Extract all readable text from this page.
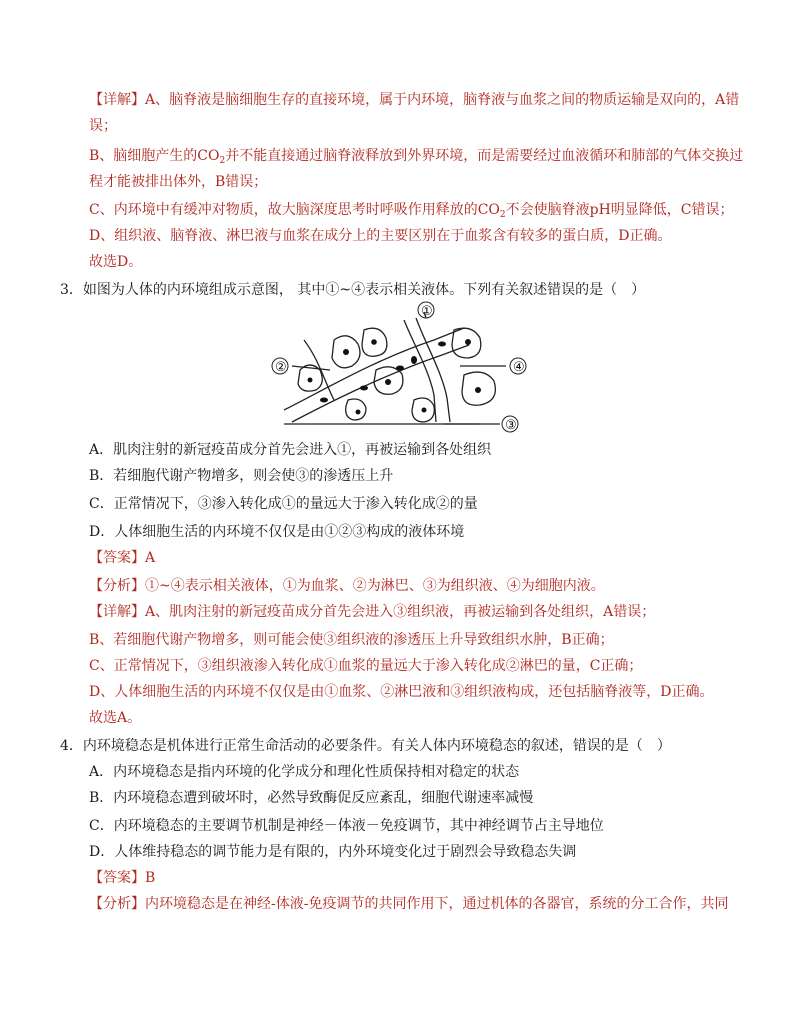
【详解】A、脑脊液是脑细胞生存的直接环境，属于内环境，脑脊液与血浆之间的物质运输是双向的，A错
误；
B、脑细胞产生的$CO_2$并不能直接通过脑脊液释放到外界环境，而是需要经过血液循环和肺部的气体交换过
程才能被排出体外，B错误；
C、内环境中有缓冲对物质，故大脑深度思考时呼吸作用释放的$CO_2$不会使脑脊液pH明显降低，C错误；
D、组织液、脑脊液、淋巴液与血浆在成分上的主要区别在于血浆含有较多的蛋白质，D正确。
故选D。
3．如图为人体的内环境组成示意图， 其中①~④表示相关液体。下列有关叙述错误的是（　）
①
②
③
④
A．肌肉注射的新冠疫苗成分首先会进入①，再被运输到各处组织
B．若细胞代谢产物增多，则会使③的渗透压上升
C．正常情况下，③渗入转化成①的量远大于渗入转化成②的量
D．人体细胞生活的内环境不仅仅是由①②③构成的液体环境
【答案】A
【分析】①~④表示相关液体，①为血浆、②为淋巴、③为组织液、④为细胞内液。
【详解】A、肌肉注射的新冠疫苗成分首先会进入③组织液，再被运输到各处组织，A错误；
B、若细胞代谢产物增多，则可能会使③组织液的渗透压上升导致组织水肿，B正确；
C、正常情况下，③组织液渗入转化成①血浆的量远大于渗入转化成②淋巴的量，C正确；
D、人体细胞生活的内环境不仅仅是由①血浆、②淋巴液和③组织液构成，还包括脑脊液等，D正确。
故选A。
4．内环境稳态是机体进行正常生命活动的必要条件。有关人体内环境稳态的叙述，错误的是（　）
A．内环境稳态是指内环境的化学成分和理化性质保持相对稳定的状态
B．内环境稳态遭到破坏时，必然导致酶促反应紊乱，细胞代谢速率减慢
C．内环境稳态的主要调节机制是神经－体液－免疫调节，其中神经调节占主导地位
D．人体维持稳态的调节能力是有限的，内外环境变化过于剧烈会导致稳态失调
【答案】B
【分析】内环境稳态是在神经-体液-免疫调节的共同作用下，通过机体的各器官，系统的分工合作，共同
